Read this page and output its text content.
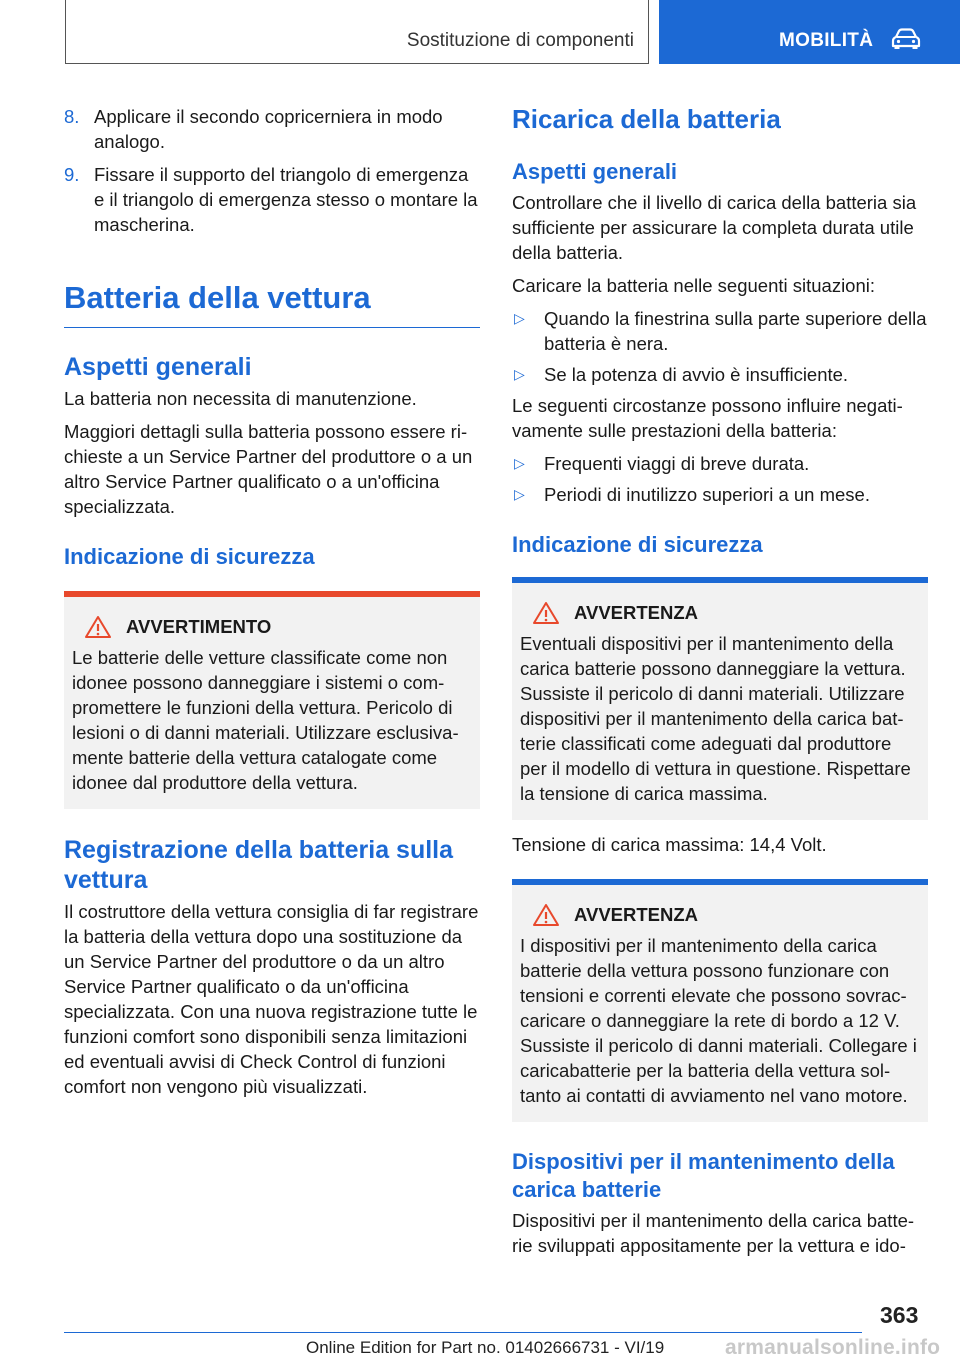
Sostituzione di componenti	MOBILITÀ
8. Applicare il secondo copricerniera in modo analogo.
9. Fissare il supporto del triangolo di emergenza e il triangolo di emergenza stesso o montare la mascherina.
Batteria della vettura
Aspetti generali

La batteria non necessita di manutenzione.

Maggiori dettagli sulla batteria possono essere richieste a un Service Partner del produttore o a un altro Service Partner qualificato o a un'officina specializzata.

Indicazione di sicurezza
AVVERTIMENTO
Le batterie delle vetture classificate come non idonee possono danneggiare i sistemi o compromettere le funzioni della vettura. Pericolo di lesioni o di danni materiali. Utilizzare esclusivamente batterie della vettura catalogate come idonee dal produttore della vettura.
Registrazione della batteria sulla vettura

Il costruttore della vettura consiglia di far registrare la batteria della vettura dopo una sostituzione da un Service Partner del produttore o da un altro Service Partner qualificato o da un'officina specializzata. Con una nuova registrazione tutte le funzioni comfort sono disponibili senza limitazioni ed eventuali avvisi di Check Control di funzioni comfort non vengono più visualizzati.

Ricarica della batteria
Aspetti generali

Controllare che il livello di carica della batteria sia sufficiente per assicurare la completa durata utile della batteria.

Caricare la batteria nelle seguenti situazioni:

▷	Quando la finestrina sulla parte superiore della batteria è nera.
▷	Se la potenza di avvio è insufficiente.

Le seguenti circostanze possono influire negativamente sulle prestazioni della batteria:

▷	Frequenti viaggi di breve durata.
▷	Periodi di inutilizzo superiori a un mese.
Indicazione di sicurezza
AVVERTENZA
Eventuali dispositivi per il mantenimento della carica batterie possono danneggiare la vettura. Sussiste il pericolo di danni materiali. Utilizzare dispositivi per il mantenimento della carica batterie classificati come adeguati dal produttore per il modello di vettura in questione. Rispettare la tensione di carica massima.

Tensione di carica massima: 14,4 Volt.

AVVERTENZA
I dispositivi per il mantenimento della carica batterie della vettura possono funzionare con tensioni e correnti elevate che possono sovraccaricare o danneggiare la rete di bordo a 12 V. Sussiste il pericolo di danni materiali. Collegare i caricabatterie per la batteria della vettura soltanto ai contatti di avviamento nel vano motore.
Dispositivi per il mantenimento della carica batterie

Dispositivi per il mantenimento della carica batterie sviluppati appositamente per la vettura e ido-

363
Online Edition for Part no. 01402666731 - VI/19	armanualsonline.info
